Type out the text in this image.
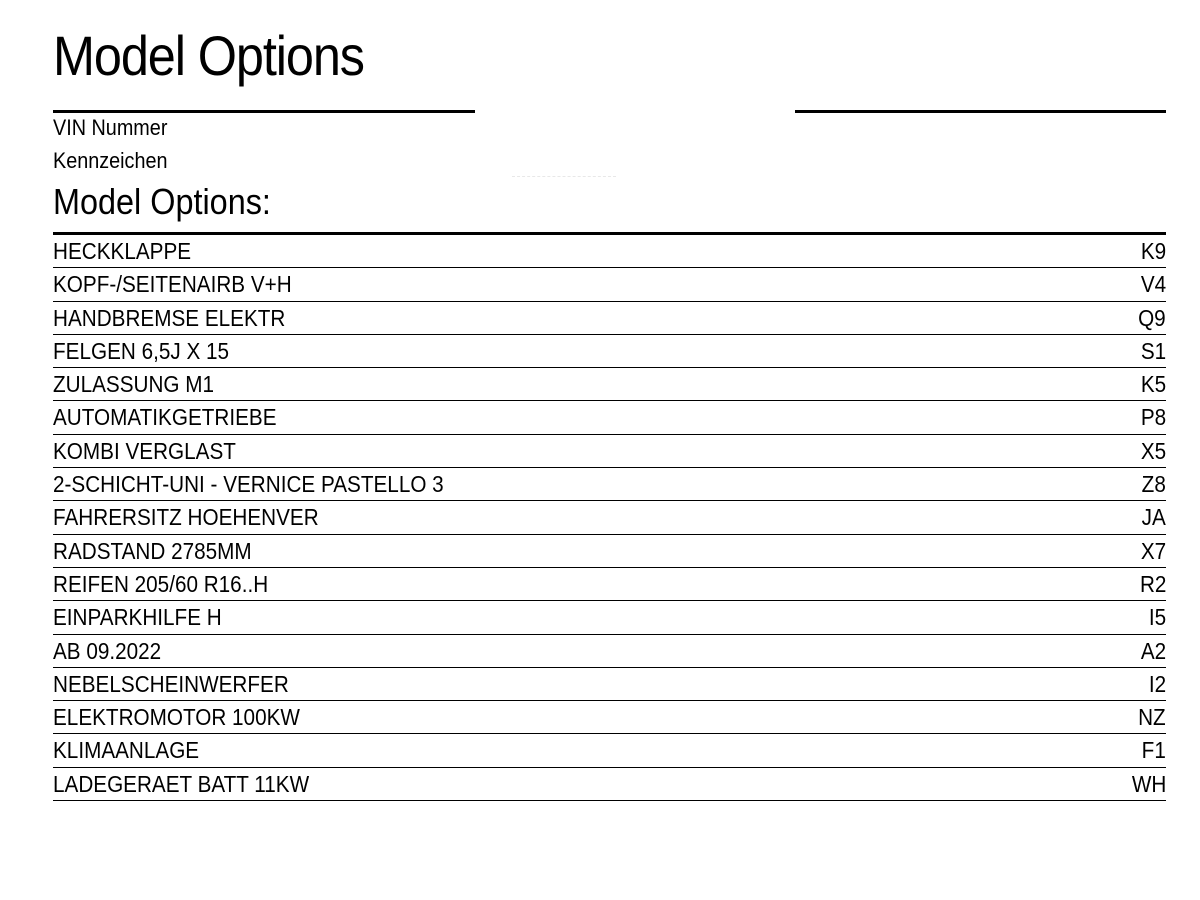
Model Options
VIN Nummer
Kennzeichen
Model Options:
HECKKLAPPE	K9
KOPF-/SEITENAIRB V+H	V4
HANDBREMSE ELEKTR	Q9
FELGEN 6,5J X 15	S1
ZULASSUNG M1	K5
AUTOMATIKGETRIEBE	P8
KOMBI VERGLAST	X5
2-SCHICHT-UNI - VERNICE PASTELLO 3	Z8
FAHRERSITZ HOEHENVER	JA
RADSTAND 2785MM	X7
REIFEN 205/60 R16..H	R2
EINPARKHILFE H	I5
AB 09.2022	A2
NEBELSCHEINWERFER	I2
ELEKTROMOTOR 100KW	NZ
KLIMAANLAGE	F1
LADEGERAET BATT 11KW	WH
